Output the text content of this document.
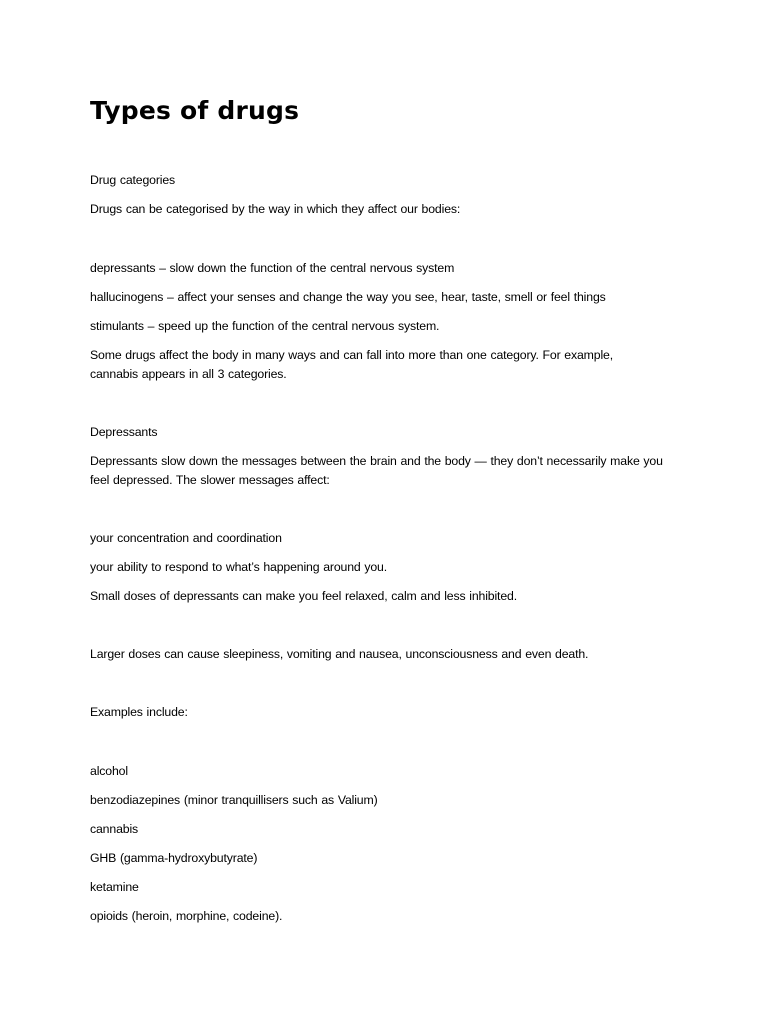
Types of drugs

Drug categories

Drugs can be categorised by the way in which they affect our bodies:

depressants – slow down the function of the central nervous system

hallucinogens – affect your senses and change the way you see, hear, taste, smell or feel things

stimulants – speed up the function of the central nervous system.

Some drugs affect the body in many ways and can fall into more than one category. For example, cannabis appears in all 3 categories.

Depressants

Depressants slow down the messages between the brain and the body — they don’t necessarily make you feel depressed. The slower messages affect:

your concentration and coordination

your ability to respond to what’s happening around you.

Small doses of depressants can make you feel relaxed, calm and less inhibited.

Larger doses can cause sleepiness, vomiting and nausea, unconsciousness and even death.

Examples include:

alcohol

benzodiazepines (minor tranquillisers such as Valium)

cannabis

GHB (gamma-hydroxybutyrate)

ketamine

opioids (heroin, morphine, codeine).
